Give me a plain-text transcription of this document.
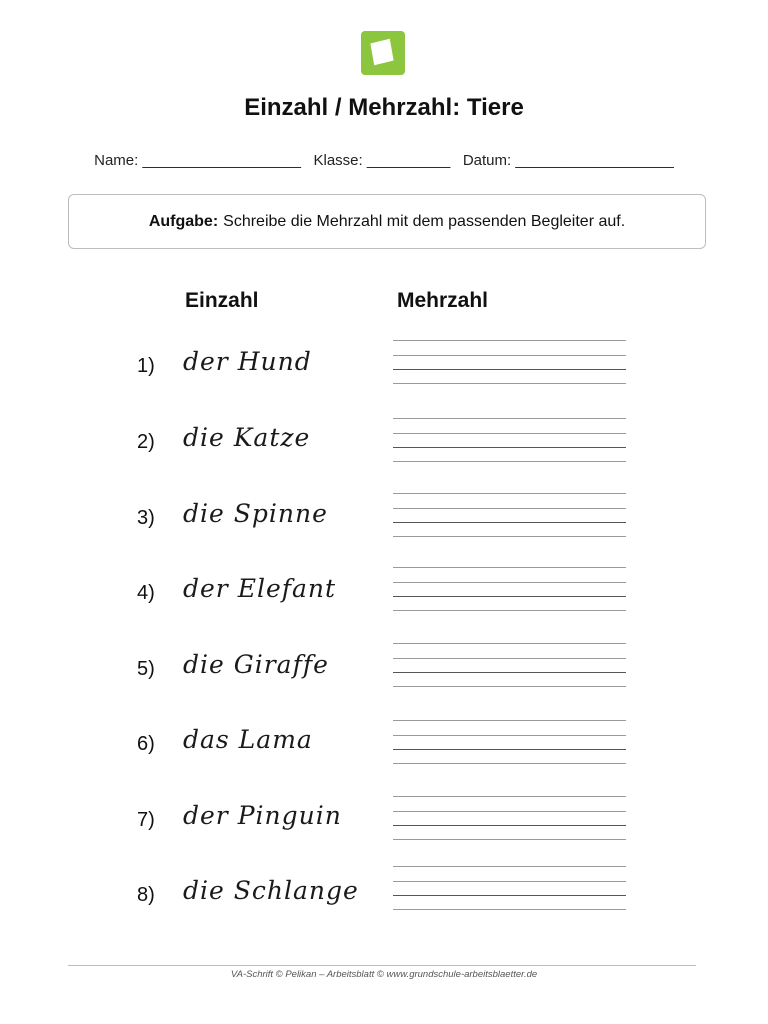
Einzahl / Mehrzahl: Tiere
Name: ___________________ Klasse: __________ Datum: ___________________
Aufgabe: Schreibe die Mehrzahl mit dem passenden Begleiter auf.
Einzahl	Mehrzahl
1)	der Hund
2)	die Katze
3)	die Spinne
4)	der Elefant
5)	die Giraffe
6)	das Lama
7)	der Pinguin
8)	die Schlange
VA-Schrift © Pelikan – Arbeitsblatt © www.grundschule-arbeitsblaetter.de
